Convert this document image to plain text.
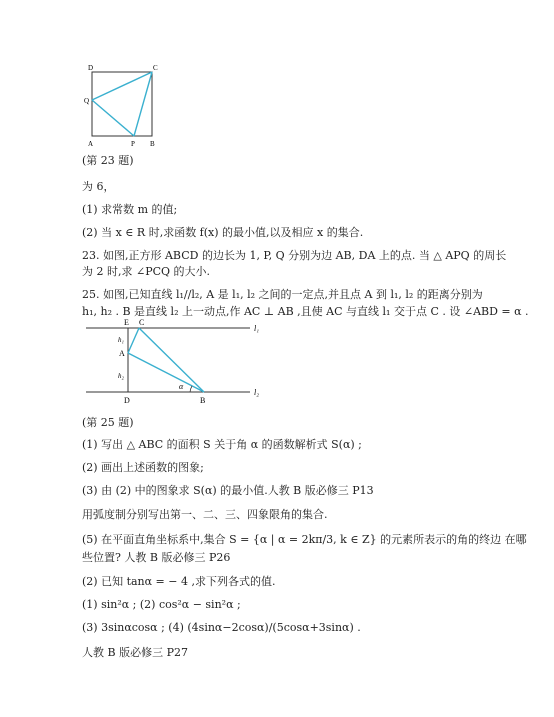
D	C
Q
A	P B
(第 23 题)
为 6，
(1) 求常数 m 的值;
(2) 当 x ∈ R 时,求函数 f(x) 的最小值,以及相应 x 的集合.
23. 如图,正方形 ABCD 的边长为 1, P, Q 分别为边 AB, DA 上的点. 当 △ APQ 的周长
为 2 时,求 ∠PCQ 的大小.
25. 如图,已知直线 l₁//l₂, A 是 l₁, l₂ 之间的一定点,并且点 A 到 l₁, l₂ 的距离分别为
h₁, h₂ . B 是直线 l₂ 上一动点,作 AC ⊥ AB ,且使 AC 与直线 l₁ 交于点 C . 设 ∠ABD = α .
E C
l₁
h₁
A
h₂
α
D	B
l₂
(第 25 题)
(1) 写出 △ ABC 的面积 S 关于角 α 的函数解析式 S(α) ;
(2) 画出上述函数的图象;
(3) 由 (2) 中的图象求 S(α) 的最小值.人教 B 版必修三 P13
用弧度制分别写出第一、二、三、四象限角的集合.
(5) 在平面直角坐标系中,集合 S = {α | α = 2kπ/3, k ∈ Z} 的元素所表示的角的终边 在哪
些位置? 人教 B 版必修三 P26
(2) 已知 tanα = − 4 ,求下列各式的值.
(1) sin²α ; (2) cos²α − sin²α ;
(3) 3sinαcosα ; (4) (4sinα−2cosα)/(5cosα+3sinα) .
人教 B 版必修三 P27
